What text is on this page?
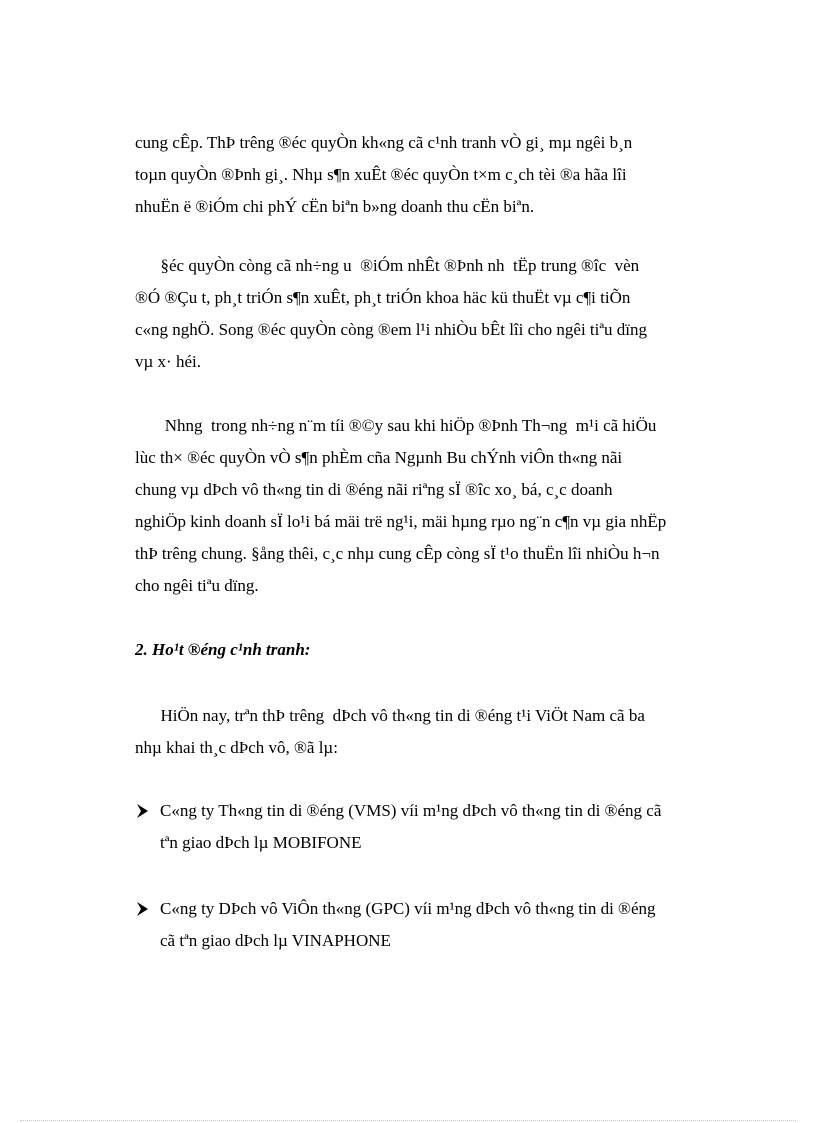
cung cÊp. ThÞ trêng ®éc quyÒn kh«ng cã c¹nh tranh vÒ gi¸ mµ ngêi b¸n
toµn quyÒn ®Þnh gi¸. Nhµ s¶n xuÊt ®éc quyÒn t×m c¸ch tèi ®a hãa lîi
nhuËn ë ®iÓm chi phÝ cËn biªn b»ng doanh thu cËn biªn.

§éc quyÒn còng cã nh÷ng u  ®iÓm nhÊt ®Þnh nh  tËp trung ®îc  vèn
®Ó ®Çu t, ph¸t triÓn s¶n xuÊt, ph¸t triÓn khoa häc kü thuËt vµ c¶i tiÕn
c«ng nghÖ. Song ®éc quyÒn còng ®em l¹i nhiÒu bÊt lîi cho ngêi tiªu dïng
vµ x· héi.

Nhng  trong nh÷ng n¨m tíi ®©y sau khi hiÖp ®Þnh Th¬ng  m¹i cã hiÖu
lùc th× ®éc quyÒn vÒ s¶n phÈm cña Ngµnh Bu chÝnh viÔn th«ng nãi
chung vµ dÞch vô th«ng tin di ®éng nãi riªng sÏ ®îc xo¸ bá, c¸c doanh
nghiÖp kinh doanh sÏ lo¹i bá mäi trë ng¹i, mäi hµng rµo ng¨n c¶n vµ gia nhËp
thÞ trêng chung. §ång thêi, c¸c nhµ cung cÊp còng sÏ t¹o thuËn lîi nhiÒu h¬n
cho ngêi tiªu dïng.

2. Ho¹t ®éng c¹nh tranh:

HiÖn nay, trªn thÞ trêng  dÞch vô th«ng tin di ®éng t¹i ViÖt Nam cã ba
nhµ khai th¸c dÞch vô, ®ã lµ:

C«ng ty Th«ng tin di ®éng (VMS) víi m¹ng dÞch vô th«ng tin di ®éng cã
tªn giao dÞch lµ MOBIFONE
C«ng ty DÞch vô ViÔn th«ng (GPC) víi m¹ng dÞch vô th«ng tin di ®éng
cã tªn giao dÞch lµ VINAPHONE
